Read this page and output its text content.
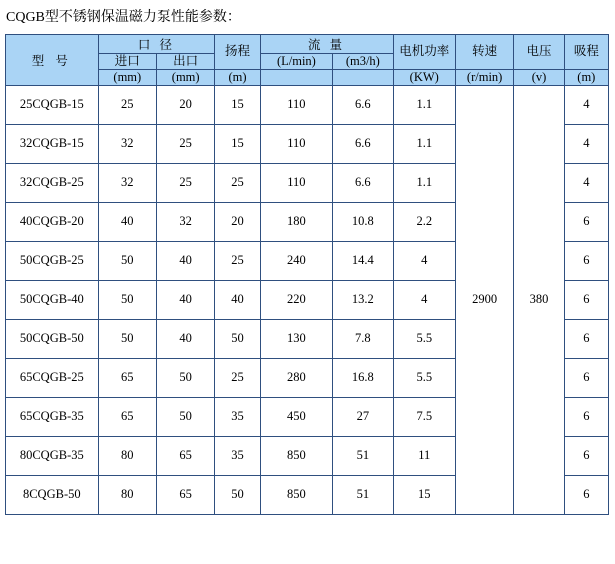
CQGB型不锈钢保温磁力泵性能参数：
型 号	口 径		扬程	流 量		电机功率	转速	电压	吸程
	进口	出口		(L/min)	(m3/h)				
	(mm)	(mm)	(m)			(KW)	(r/min)	(v)	(m)
25CQGB-15	25	20	15	110	6.6	1.1	2900	380	4
32CQGB-15	32	25	15	110	6.6	1.1			4
32CQGB-25	32	25	25	110	6.6	1.1			4
40CQGB-20	40	32	20	180	10.8	2.2			6
50CQGB-25	50	40	25	240	14.4	4			6
50CQGB-40	50	40	40	220	13.2	4			6
50CQGB-50	50	40	50	130	7.8	5.5			6
65CQGB-25	65	50	25	280	16.8	5.5			6
65CQGB-35	65	50	35	450	27	7.5			6
80CQGB-35	80	65	35	850	51	11			6
8CQGB-50	80	65	50	850	51	15			6
